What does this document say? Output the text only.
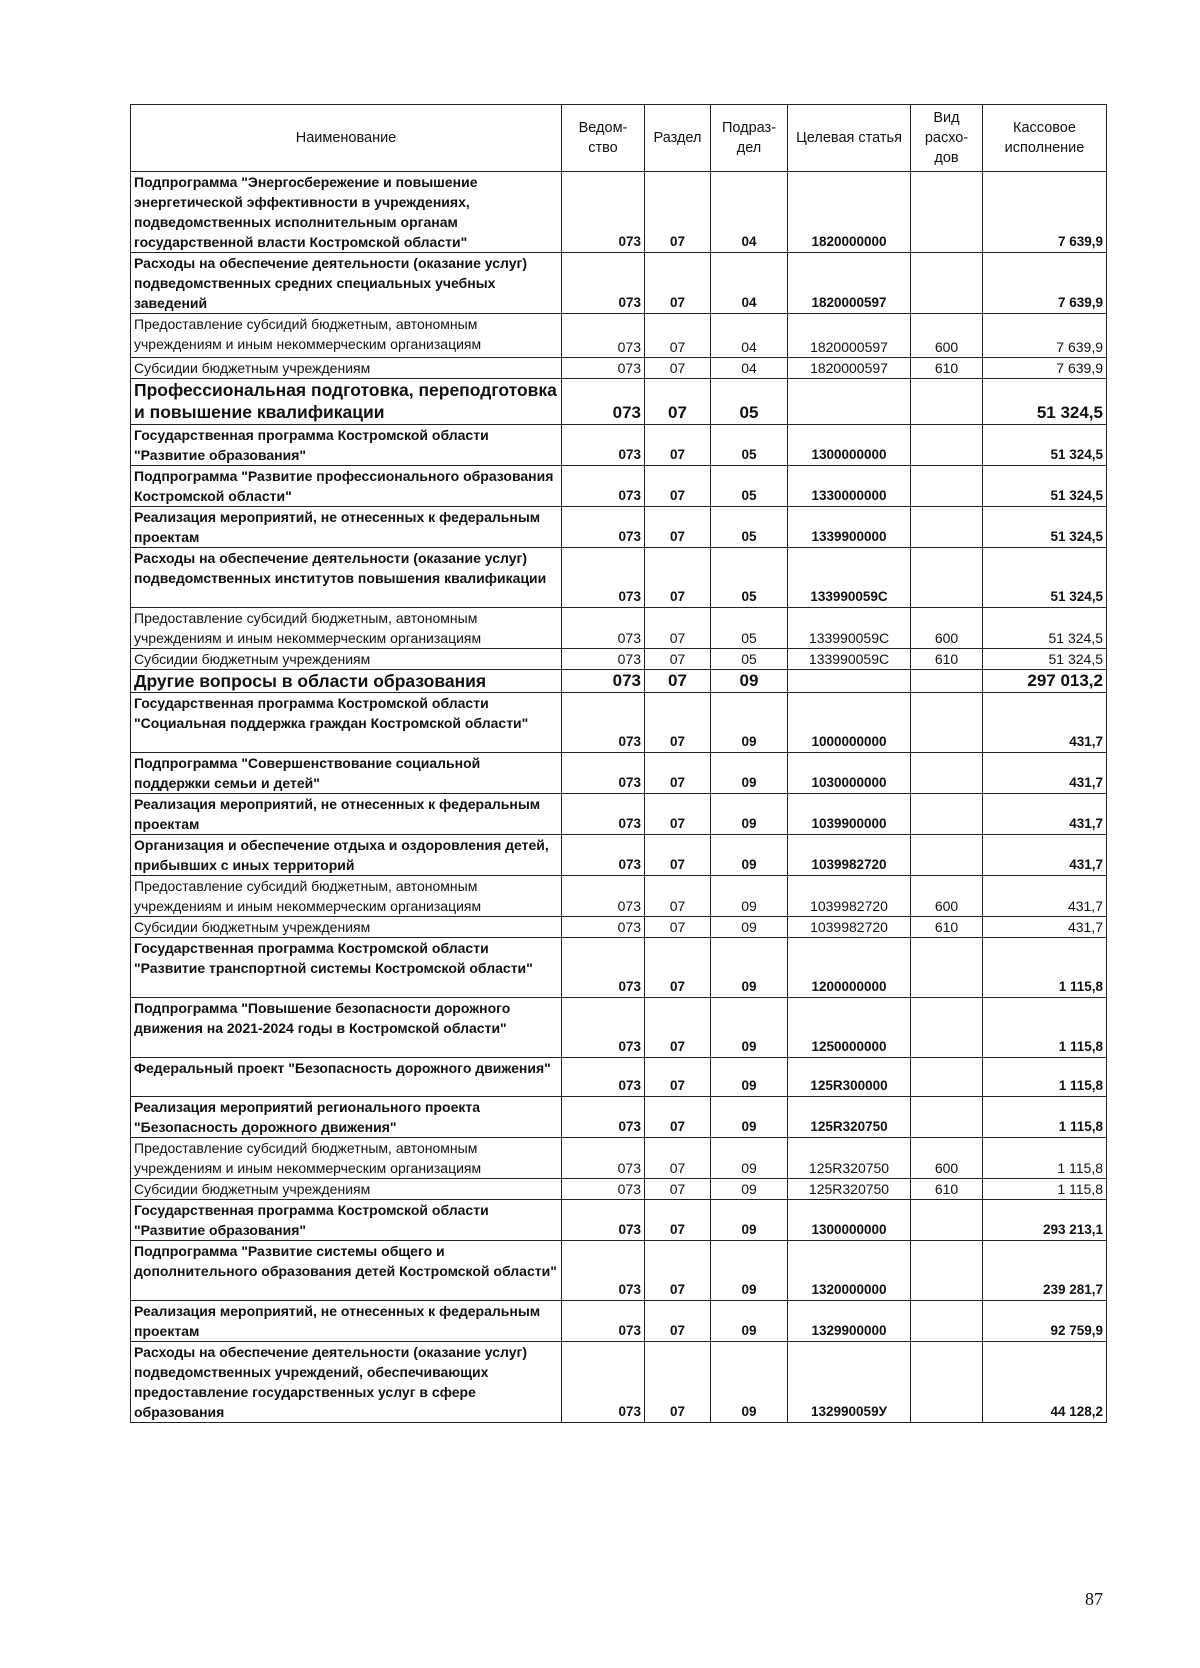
Наименование	Ведом-ство	Раздел	Подраз-дел	Целевая статья	Вид расхо-дов	Кассовое исполнение
Подпрограмма "Энергосбережение и повышение энергетической эффективности в учреждениях, подведомственных исполнительным органам государственной власти Костромской области"	073	07	04	1820000000		7 639,9
Расходы на обеспечение деятельности (оказание услуг) подведомственных средних специальных учебных заведений	073	07	04	1820000597		7 639,9
Предоставление субсидий бюджетным, автономным учреждениям и иным некоммерческим организациям	073	07	04	1820000597	600	7 639,9
Субсидии бюджетным учреждениям	073	07	04	1820000597	610	7 639,9
Профессиональная подготовка, переподготовка и повышение квалификации	073	07	05			51 324,5
Государственная программа Костромской области "Развитие образования"	073	07	05	1300000000		51 324,5
Подпрограмма "Развитие профессионального образования Костромской области"	073	07	05	1330000000		51 324,5
Реализация мероприятий, не отнесенных к федеральным проектам	073	07	05	1339900000		51 324,5
Расходы на обеспечение деятельности (оказание услуг) подведомственных институтов повышения квалификации	073	07	05	133990059С		51 324,5
Предоставление субсидий бюджетным, автономным учреждениям и иным некоммерческим организациям	073	07	05	133990059С	600	51 324,5
Субсидии бюджетным учреждениям	073	07	05	133990059С	610	51 324,5
Другие вопросы в области образования	073	07	09			297 013,2
Государственная программа Костромской области "Социальная поддержка граждан Костромской области"	073	07	09	1000000000		431,7
Подпрограмма "Совершенствование социальной поддержки семьи и детей"	073	07	09	1030000000		431,7
Реализация мероприятий, не отнесенных к федеральным проектам	073	07	09	1039900000		431,7
Организация и обеспечение отдыха и оздоровления детей, прибывших с иных территорий	073	07	09	1039982720		431,7
Предоставление субсидий бюджетным, автономным учреждениям и иным некоммерческим организациям	073	07	09	1039982720	600	431,7
Субсидии бюджетным учреждениям	073	07	09	1039982720	610	431,7
Государственная программа Костромской области "Развитие транспортной системы Костромской области"	073	07	09	1200000000		1 115,8
Подпрограмма "Повышение безопасности дорожного движения на 2021-2024 годы в Костромской области"	073	07	09	1250000000		1 115,8
Федеральный проект "Безопасность дорожного движения"	073	07	09	125R300000		1 115,8
Реализация мероприятий регионального проекта "Безопасность дорожного движения"	073	07	09	125R320750		1 115,8
Предоставление субсидий бюджетным, автономным учреждениям и иным некоммерческим организациям	073	07	09	125R320750	600	1 115,8
Субсидии бюджетным учреждениям	073	07	09	125R320750	610	1 115,8
Государственная программа Костромской области "Развитие образования"	073	07	09	1300000000		293 213,1
Подпрограмма "Развитие системы общего и дополнительного образования детей Костромской области"	073	07	09	1320000000		239 281,7
Реализация мероприятий, не отнесенных к федеральным проектам	073	07	09	1329900000		92 759,9
Расходы на обеспечение деятельности (оказание услуг) подведомственных учреждений, обеспечивающих предоставление государственных услуг в сфере образования	073	07	09	132990059У		44 128,2
87
